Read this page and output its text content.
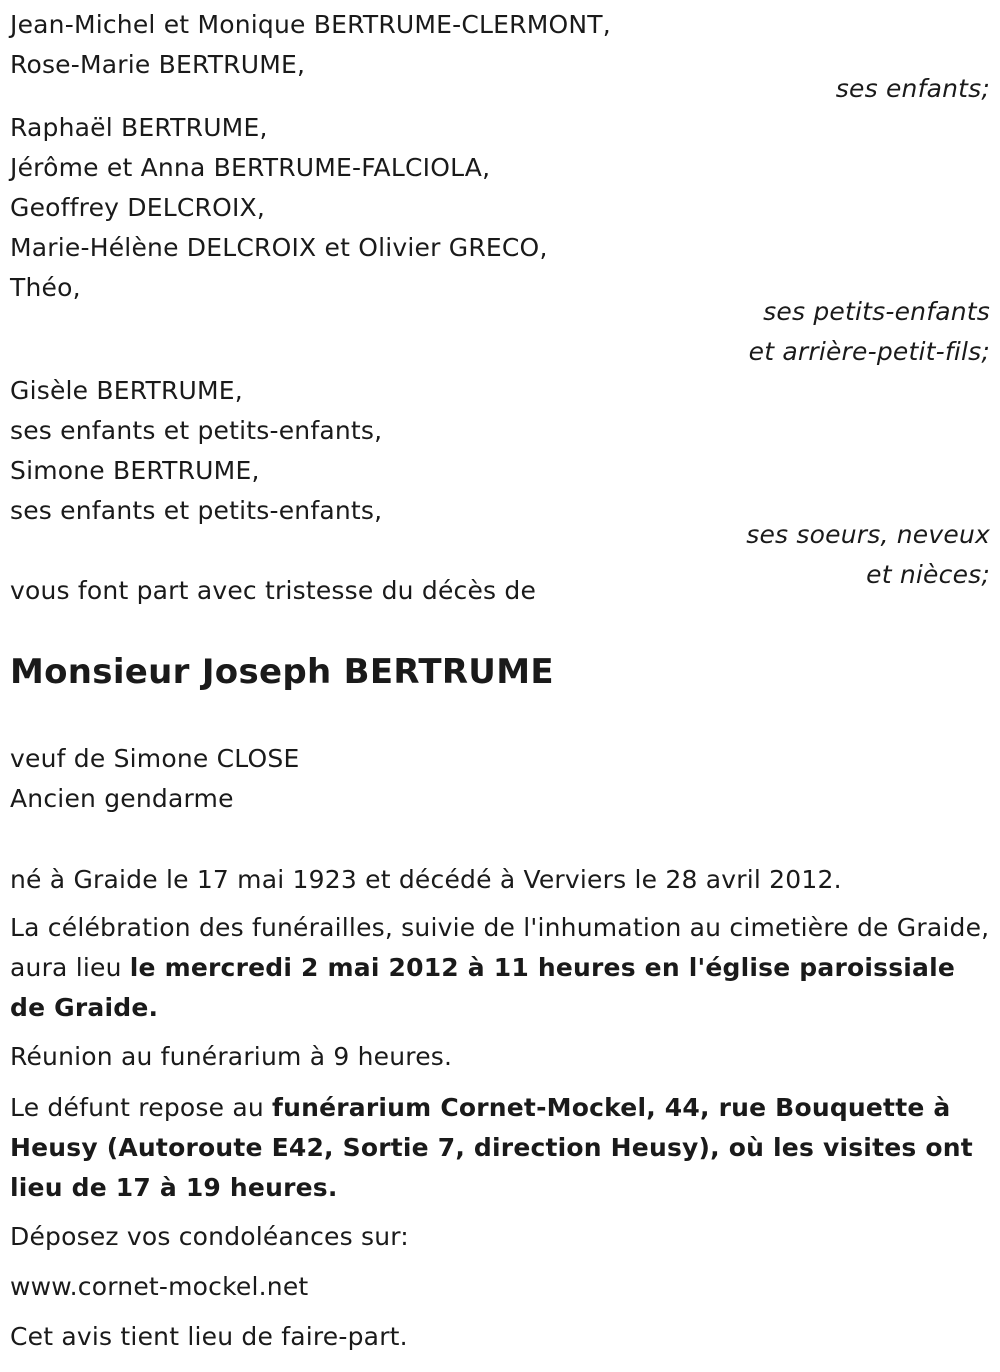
Jean-Michel et Monique BERTRUME-CLERMONT,
Rose-Marie BERTRUME,
ses enfants;
Raphaël BERTRUME,
Jérôme et Anna BERTRUME-FALCIOLA,
Geoffrey DELCROIX,
Marie-Hélène DELCROIX et Olivier GRECO,
Théo,
ses petits-enfants
et arrière-petit-fils;
Gisèle BERTRUME,
ses enfants et petits-enfants,
Simone BERTRUME,
ses enfants et petits-enfants,
ses soeurs, neveux
et nièces;
vous font part avec tristesse du décès de
Monsieur Joseph BERTRUME
veuf de Simone CLOSE
Ancien gendarme
né à Graide le 17 mai 1923 et décédé à Verviers le 28 avril 2012.
La célébration des funérailles, suivie de l'inhumation au cimetière de Graide, aura lieu le mercredi 2 mai 2012 à 11 heures en l'église paroissiale de Graide.
Réunion au funérarium à 9 heures.
Le défunt repose au funérarium Cornet-Mockel, 44, rue Bouquette à Heusy (Autoroute E42, Sortie 7, direction Heusy), où les visites ont lieu de 17 à 19 heures.
Déposez vos condoléances sur:
www.cornet-mockel.net
Cet avis tient lieu de faire-part.
